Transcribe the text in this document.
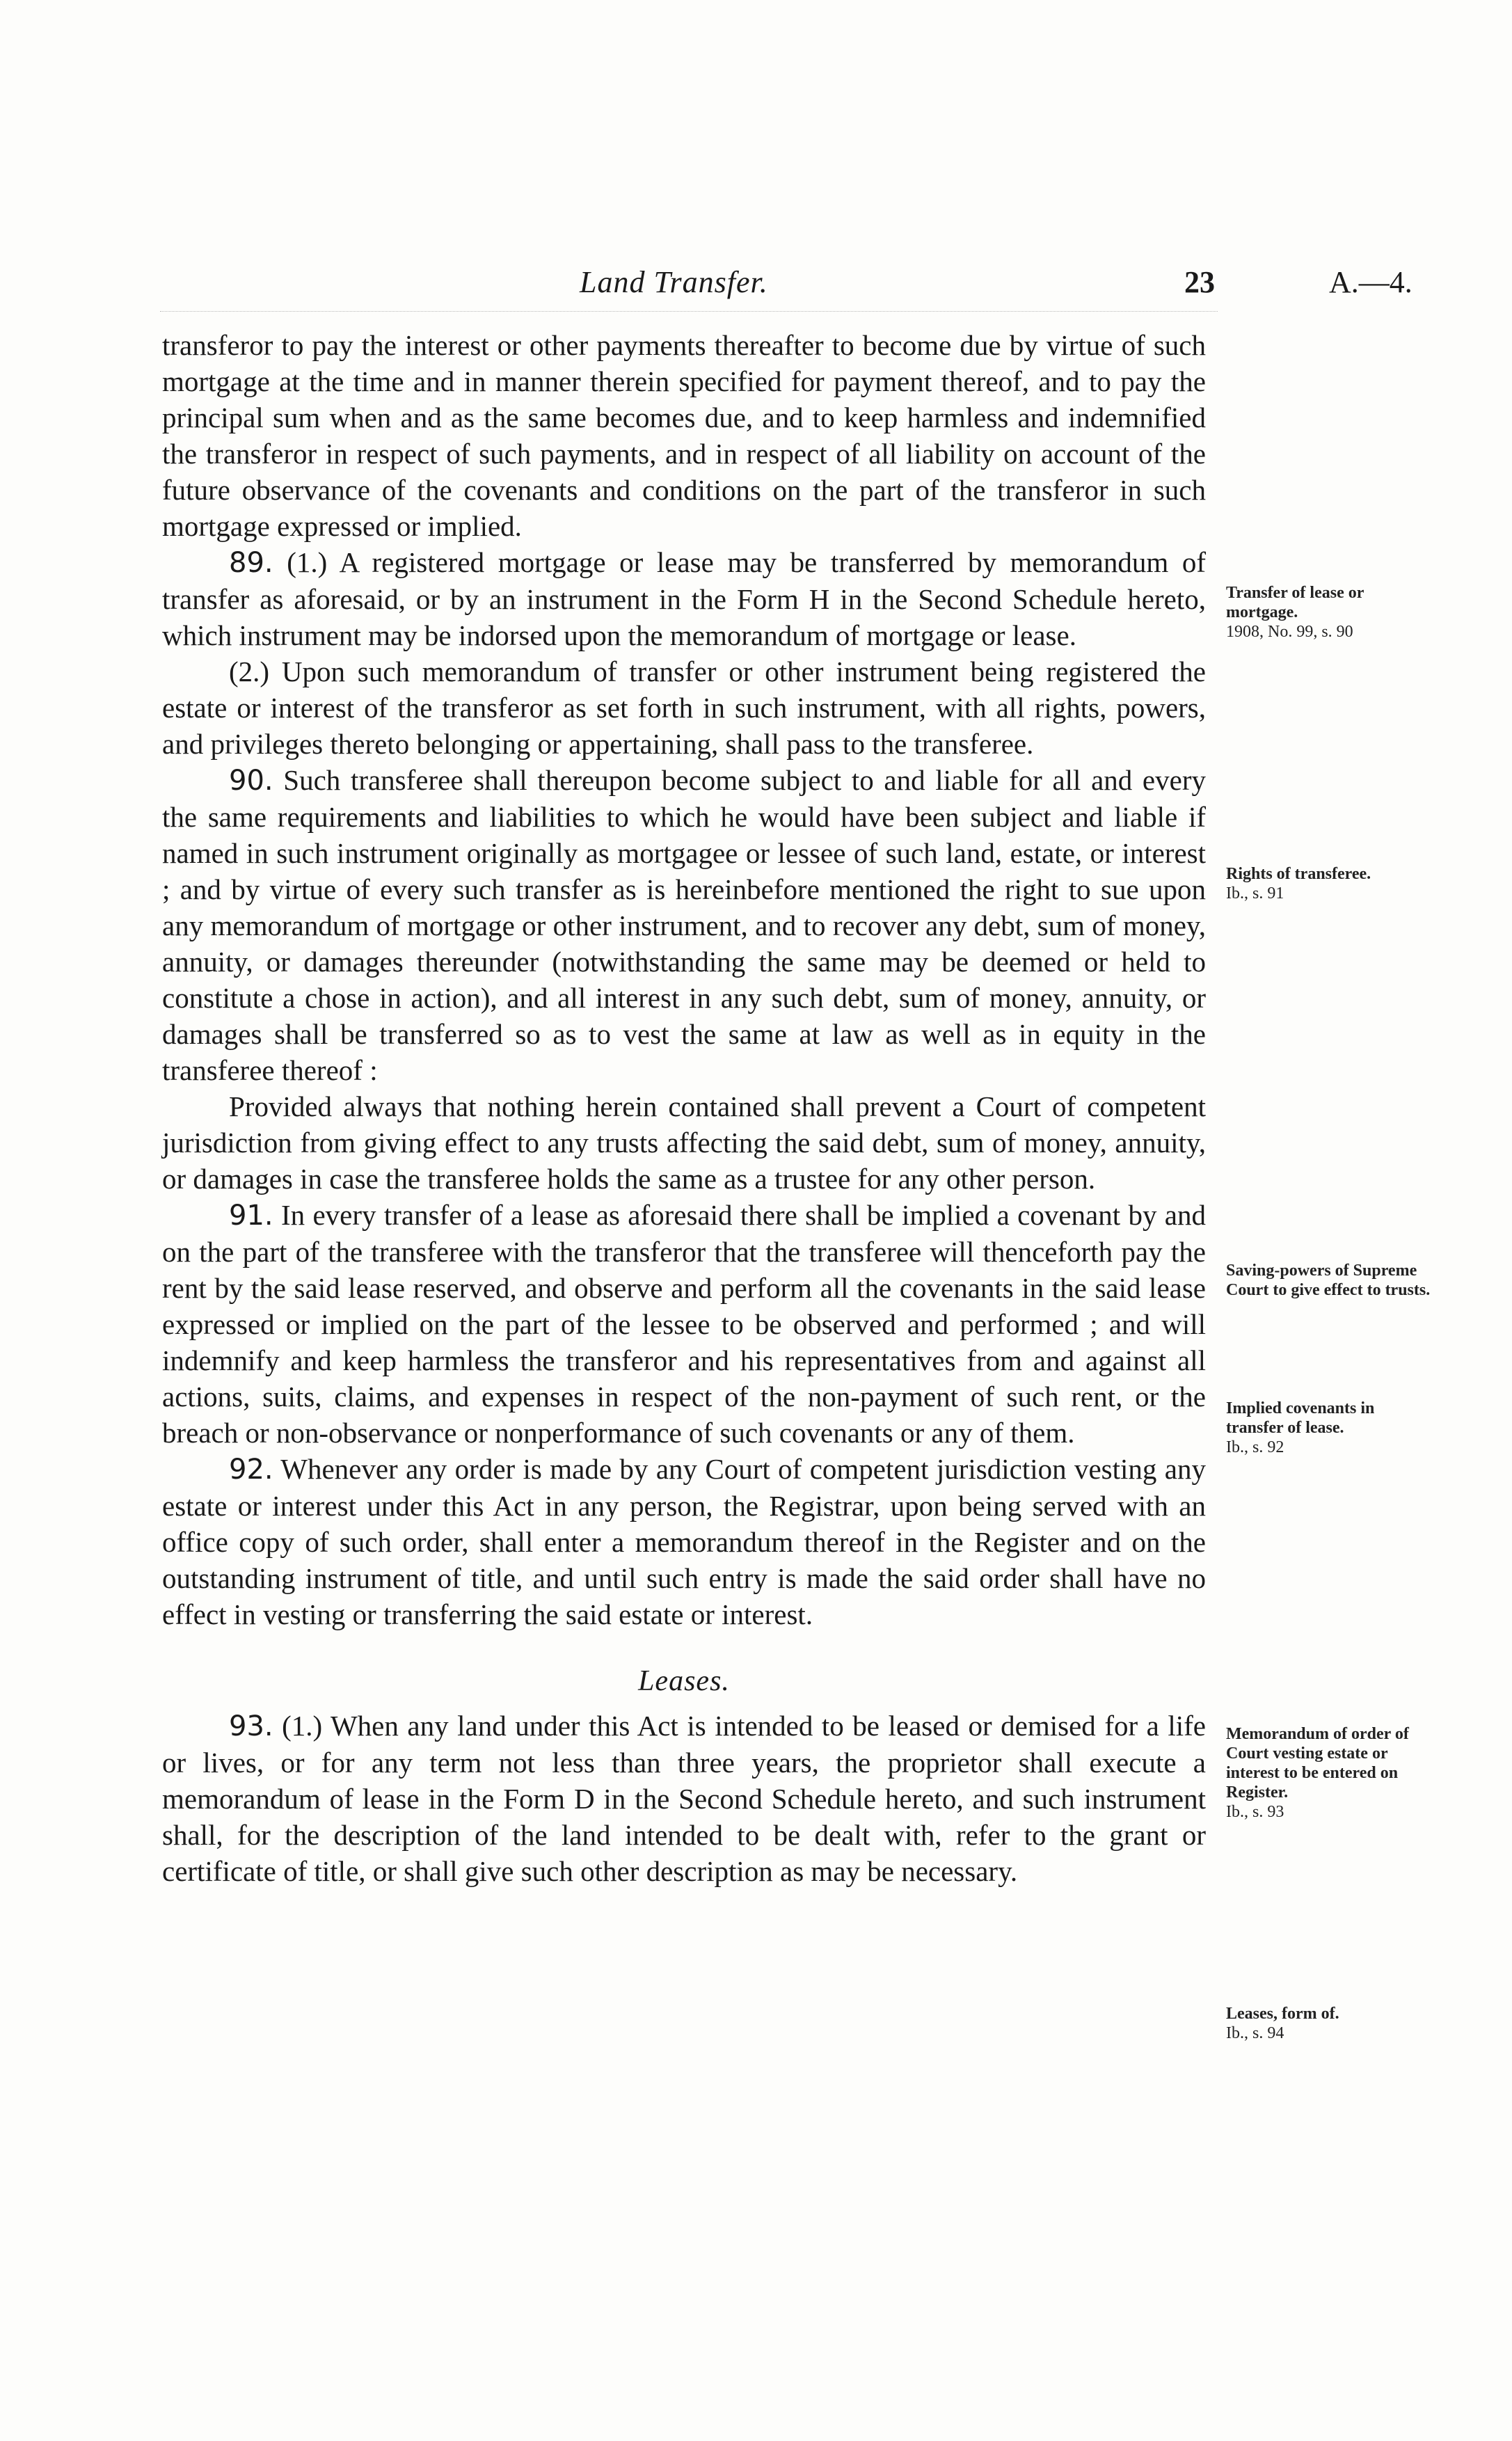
Land Transfer.	23	A.—4.

transferor to pay the interest or other payments thereafter to become due by virtue of such mortgage at the time and in manner therein specified for payment thereof, and to pay the principal sum when and as the same becomes due, and to keep harmless and indemnified the transferor in respect of such payments, and in respect of all liability on account of the future observance of the covenants and conditions on the part of the transferor in such mortgage expressed or implied.

89. (1.) A registered mortgage or lease may be transferred by memorandum of transfer as aforesaid, or by an instrument in the Form H in the Second Schedule hereto, which instrument may be indorsed upon the memorandum of mortgage or lease.

(2.) Upon such memorandum of transfer or other instrument being registered the estate or interest of the transferor as set forth in such instrument, with all rights, powers, and privileges thereto belonging or appertaining, shall pass to the transferee.

90. Such transferee shall thereupon become subject to and liable for all and every the same requirements and liabilities to which he would have been subject and liable if named in such instrument originally as mortgagee or lessee of such land, estate, or interest ; and by virtue of every such transfer as is hereinbefore mentioned the right to sue upon any memorandum of mortgage or other instrument, and to recover any debt, sum of money, annuity, or damages thereunder (notwithstanding the same may be deemed or held to constitute a chose in action), and all interest in any such debt, sum of money, annuity, or damages shall be transferred so as to vest the same at law as well as in equity in the transferee thereof :

Provided always that nothing herein contained shall prevent a Court of competent jurisdiction from giving effect to any trusts affecting the said debt, sum of money, annuity, or damages in case the transferee holds the same as a trustee for any other person.

91. In every transfer of a lease as aforesaid there shall be implied a covenant by and on the part of the transferee with the transferor that the transferee will thenceforth pay the rent by the said lease reserved, and observe and perform all the covenants in the said lease expressed or implied on the part of the lessee to be observed and performed ; and will indemnify and keep harmless the transferor and his representatives from and against all actions, suits, claims, and expenses in respect of the non-payment of such rent, or the breach or non-observance or nonperformance of such covenants or any of them.

92. Whenever any order is made by any Court of competent jurisdiction vesting any estate or interest under this Act in any person, the Registrar, upon being served with an office copy of such order, shall enter a memorandum thereof in the Register and on the outstanding instrument of title, and until such entry is made the said order shall have no effect in vesting or transferring the said estate or interest.

Leases.

93. (1.) When any land under this Act is intended to be leased or demised for a life or lives, or for any term not less than three years, the proprietor shall execute a memorandum of lease in the Form D in the Second Schedule hereto, and such instrument shall, for the description of the land intended to be dealt with, refer to the grant or certificate of title, or shall give such other description as may be necessary.

Transfer of lease or mortgage.
1908, No. 99, s. 90
Rights of transferee.
Ib., s. 91
Saving-powers of Supreme Court to give effect to trusts.
Implied covenants in transfer of lease.
Ib., s. 92
Memorandum of order of Court vesting estate or interest to be entered on Register.
Ib., s. 93
Leases, form of.
Ib., s. 94
